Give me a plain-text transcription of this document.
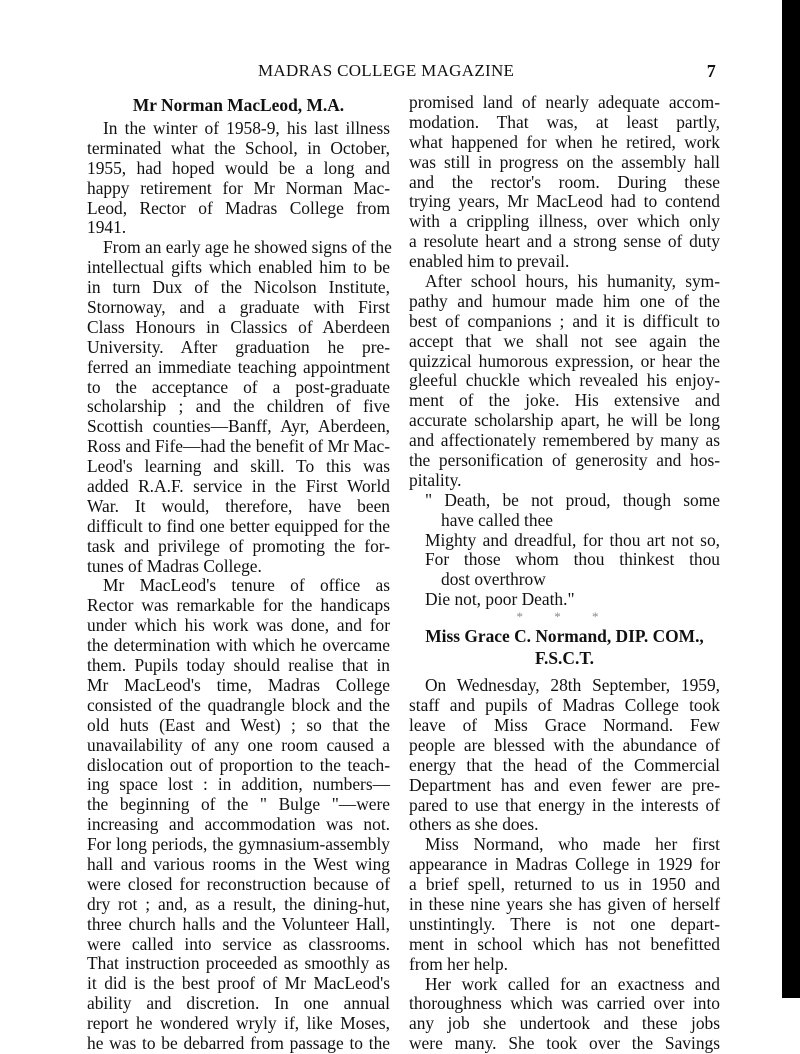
MADRAS COLLEGE MAGAZINE	7
Mr Norman MacLeod, M.A.
In the winter of 1958-9, his last illness
terminated what the School, in October,
1955, had hoped would be a long and
happy retirement for Mr Norman Mac-
Leod, Rector of Madras College from
1941.
From an early age he showed signs of the
intellectual gifts which enabled him to be
in turn Dux of the Nicolson Institute,
Stornoway, and a graduate with First
Class Honours in Classics of Aberdeen
University. After graduation he pre-
ferred an immediate teaching appointment
to the acceptance of a post-graduate
scholarship ; and the children of five
Scottish counties—Banff, Ayr, Aberdeen,
Ross and Fife—had the benefit of Mr Mac-
Leod's learning and skill. To this was
added R.A.F. service in the First World
War. It would, therefore, have been
difficult to find one better equipped for the
task and privilege of promoting the for-
tunes of Madras College.
Mr MacLeod's tenure of office as
Rector was remarkable for the handicaps
under which his work was done, and for
the determination with which he overcame
them. Pupils today should realise that in
Mr MacLeod's time, Madras College
consisted of the quadrangle block and the
old huts (East and West) ; so that the
unavailability of any one room caused a
dislocation out of proportion to the teach-
ing space lost : in addition, numbers—
the beginning of the " Bulge "—were
increasing and accommodation was not.
For long periods, the gymnasium-assembly
hall and various rooms in the West wing
were closed for reconstruction because of
dry rot ; and, as a result, the dining-hut,
three church halls and the Volunteer Hall,
were called into service as classrooms.
That instruction proceeded as smoothly as
it did is the best proof of Mr MacLeod's
ability and discretion. In one annual
report he wondered wryly if, like Moses,
he was to be debarred from passage to the
promised land of nearly adequate accom-
modation. That was, at least partly,
what happened for when he retired, work
was still in progress on the assembly hall
and the rector's room. During these
trying years, Mr MacLeod had to contend
with a crippling illness, over which only
a resolute heart and a strong sense of duty
enabled him to prevail.
After school hours, his humanity, sym-
pathy and humour made him one of the
best of companions ; and it is difficult to
accept that we shall not see again the
quizzical humorous expression, or hear the
gleeful chuckle which revealed his enjoy-
ment of the joke. His extensive and
accurate scholarship apart, he will be long
and affectionately remembered by many as
the personification of generosity and hos-
pitality.
" Death, be not proud, though some
have called thee
Mighty and dreadful, for thou art not so,
For those whom thou thinkest thou
dost overthrow
Die not, poor Death."
* * *
Miss Grace C. Normand, DIP. COM.,
F.S.C.T.
On Wednesday, 28th September, 1959,
staff and pupils of Madras College took
leave of Miss Grace Normand. Few
people are blessed with the abundance of
energy that the head of the Commercial
Department has and even fewer are pre-
pared to use that energy in the interests of
others as she does.
Miss Normand, who made her first
appearance in Madras College in 1929 for
a brief spell, returned to us in 1950 and
in these nine years she has given of herself
unstintingly. There is not one depart-
ment in school which has not benefitted
from her help.
Her work called for an exactness and
thoroughness which was carried over into
any job she undertook and these jobs
were many. She took over the Savings
